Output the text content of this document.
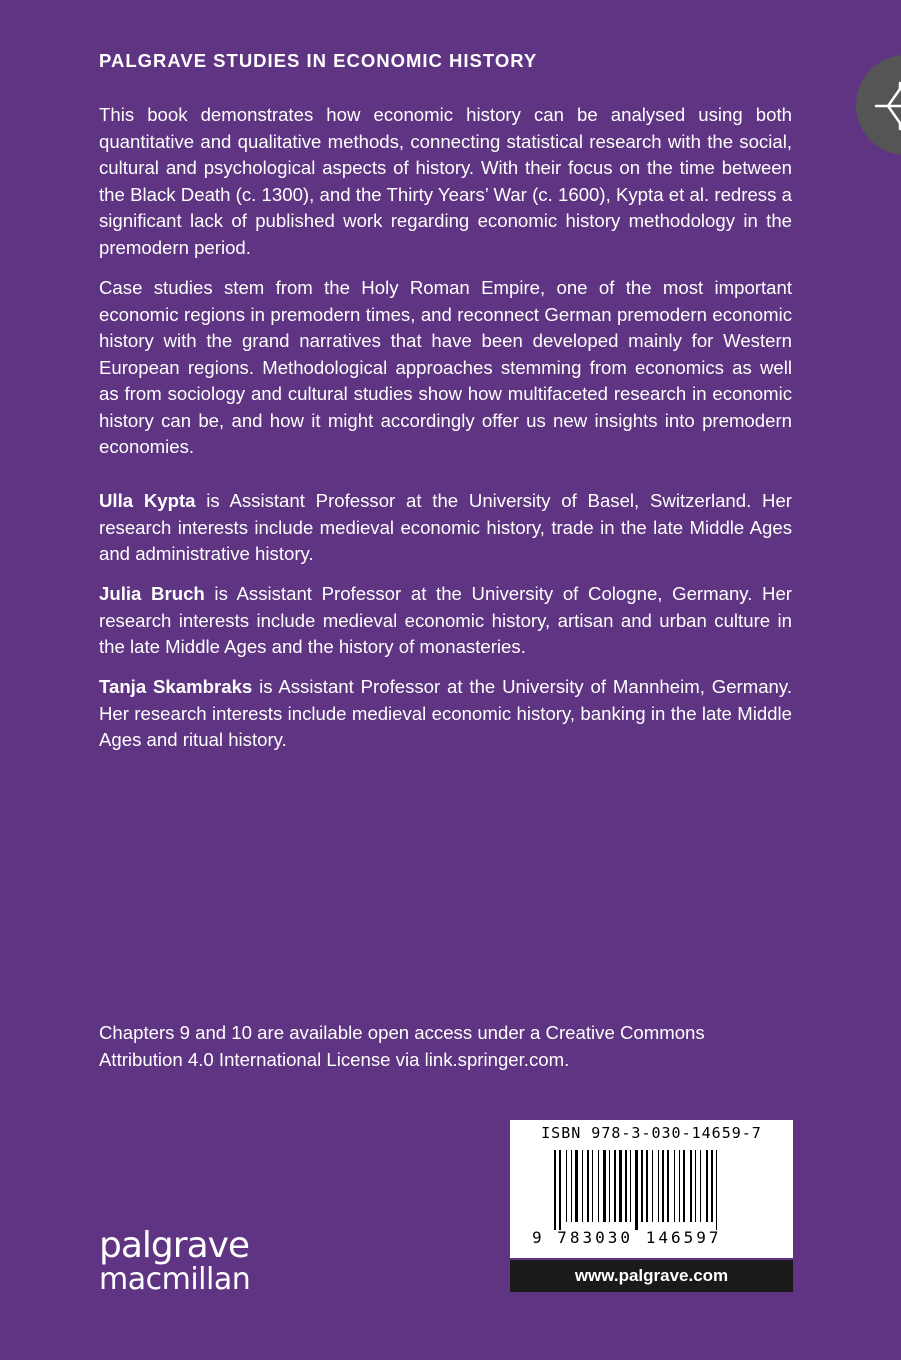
PALGRAVE STUDIES IN ECONOMIC HISTORY

This book demonstrates how economic history can be analysed using both quantitative and qualitative methods, connecting statistical research with the social, cultural and psychological aspects of history. With their focus on the time between the Black Death (c. 1300), and the Thirty Years’ War (c. 1600), Kypta et al. redress a significant lack of published work regarding economic history methodology in the premodern period.

Case studies stem from the Holy Roman Empire, one of the most important economic regions in premodern times, and reconnect German premodern economic history with the grand narratives that have been developed mainly for Western European regions. Methodological approaches stemming from economics as well as from sociology and cultural studies show how multifaceted research in economic history can be, and how it might accordingly offer us new insights into premodern economies.

Ulla Kypta is Assistant Professor at the University of Basel, Switzerland. Her research interests include medieval economic history, trade in the late Middle Ages and administrative history.

Julia Bruch is Assistant Professor at the University of Cologne, Germany. Her research interests include medieval economic history, artisan and urban culture in the late Middle Ages and the history of monasteries.

Tanja Skambraks is Assistant Professor at the University of Mannheim, Germany. Her research interests include medieval economic history, banking in the late Middle Ages and ritual history.

Chapters 9 and 10 are available open access under a Creative Commons Attribution 4.0 International License via link.springer.com.

palgrave
macmillan
ISBN 978-3-030-14659-7
9 783030 146597
www.palgrave.com
